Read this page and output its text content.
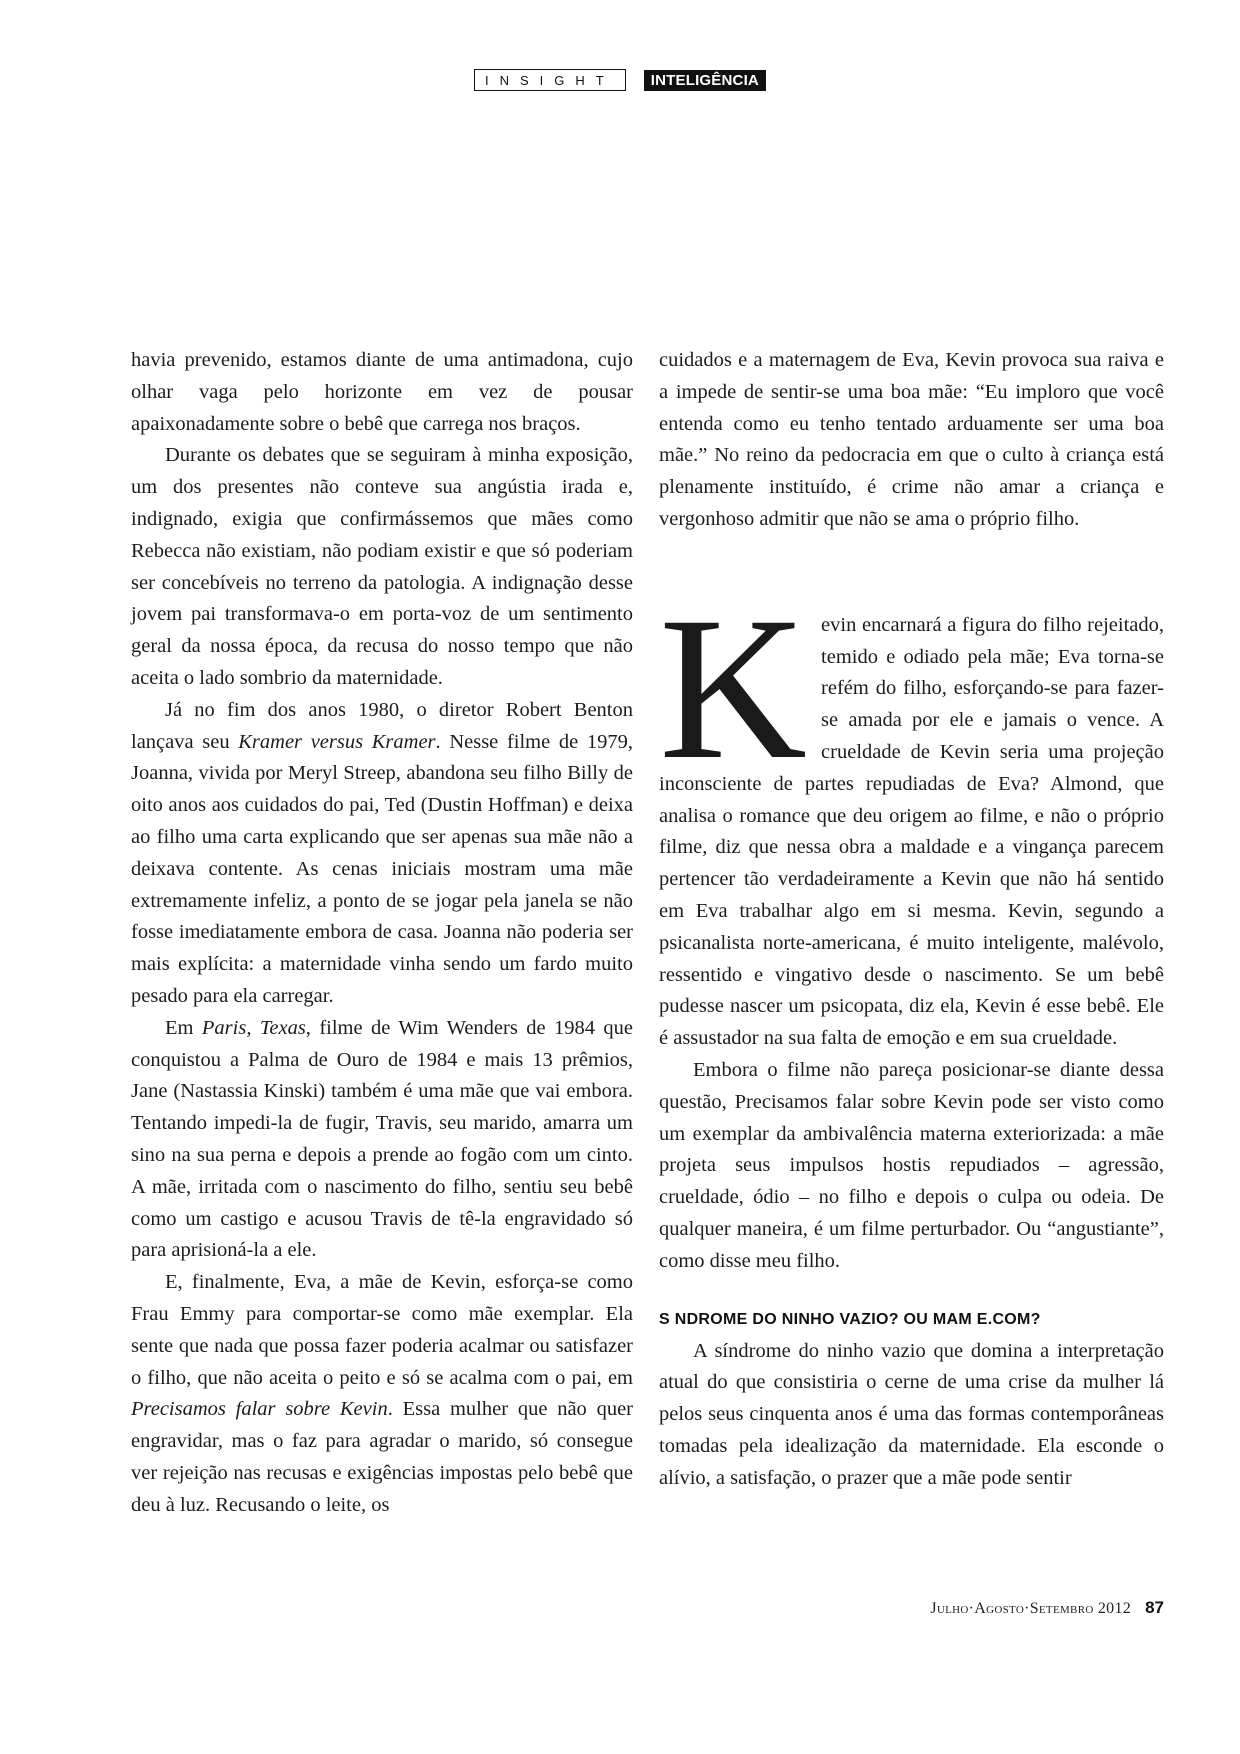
INSIGHT	INTELIGÊNCIA

havia prevenido, estamos diante de uma antimadona, cujo olhar vaga pelo horizonte em vez de pousar apaixonadamente sobre o bebê que carrega nos braços.

Durante os debates que se seguiram à minha exposição, um dos presentes não conteve sua angústia irada e, indignado, exigia que confirmássemos que mães como Rebecca não existiam, não podiam existir e que só poderiam ser concebíveis no terreno da patologia. A indignação desse jovem pai transformava-o em porta-voz de um sentimento geral da nossa época, da recusa do nosso tempo que não aceita o lado sombrio da maternidade.

Já no fim dos anos 1980, o diretor Robert Benton lançava seu Kramer versus Kramer. Nesse filme de 1979, Joanna, vivida por Meryl Streep, abandona seu filho Billy de oito anos aos cuidados do pai, Ted (Dustin Hoffman) e deixa ao filho uma carta explicando que ser apenas sua mãe não a deixava contente. As cenas iniciais mostram uma mãe extremamente infeliz, a ponto de se jogar pela janela se não fosse imediatamente embora de casa. Joanna não poderia ser mais explícita: a maternidade vinha sendo um fardo muito pesado para ela carregar.

Em Paris, Texas, filme de Wim Wenders de 1984 que conquistou a Palma de Ouro de 1984 e mais 13 prêmios, Jane (Nastassia Kinski) também é uma mãe que vai embora. Tentando impedi-la de fugir, Travis, seu marido, amarra um sino na sua perna e depois a prende ao fogão com um cinto. A mãe, irritada com o nascimento do filho, sentiu seu bebê como um castigo e acusou Travis de tê-la engravidado só para aprisioná-la a ele.

E, finalmente, Eva, a mãe de Kevin, esforça-se como Frau Emmy para comportar-se como mãe exemplar. Ela sente que nada que possa fazer poderia acalmar ou satisfazer o filho, que não aceita o peito e só se acalma com o pai, em Precisamos falar sobre Kevin. Essa mulher que não quer engravidar, mas o faz para agradar o marido, só consegue ver rejeição nas recusas e exigências impostas pelo bebê que deu à luz. Recusando o leite, os

cuidados e a maternagem de Eva, Kevin provoca sua raiva e a impede de sentir-se uma boa mãe: “Eu imploro que você entenda como eu tenho tentado arduamente ser uma boa mãe.” No reino da pedocracia em que o culto à criança está plenamente instituído, é crime não amar a criança e vergonhoso admitir que não se ama o próprio filho.

Kevin encarnará a figura do filho rejeitado, temido e odiado pela mãe; Eva torna-se refém do filho, esforçando-se para fazer-se amada por ele e jamais o vence. A crueldade de Kevin seria uma projeção inconsciente de partes repudiadas de Eva? Almond, que analisa o romance que deu origem ao filme, e não o próprio filme, diz que nessa obra a maldade e a vingança parecem pertencer tão verdadeiramente a Kevin que não há sentido em Eva trabalhar algo em si mesma. Kevin, segundo a psicanalista norte-americana, é muito inteligente, malévolo, ressentido e vingativo desde o nascimento. Se um bebê pudesse nascer um psicopata, diz ela, Kevin é esse bebê. Ele é assustador na sua falta de emoção e em sua crueldade.

Embora o filme não pareça posicionar-se diante dessa questão, Precisamos falar sobre Kevin pode ser visto como um exemplar da ambivalência materna exteriorizada: a mãe projeta seus impulsos hostis repudiados – agressão, crueldade, ódio – no filho e depois o culpa ou odeia. De qualquer maneira, é um filme perturbador. Ou “angustiante”, como disse meu filho.

S NDROME DO NINHO VAZIO? OU MAM E.COM?

A síndrome do ninho vazio que domina a interpretação atual do que consistiria o cerne de uma crise da mulher lá pelos seus cinquenta anos é uma das formas contemporâneas tomadas pela idealização da maternidade. Ela esconde o alívio, a satisfação, o prazer que a mãe pode sentir

Julho·Agosto·Setembro 2012 87
